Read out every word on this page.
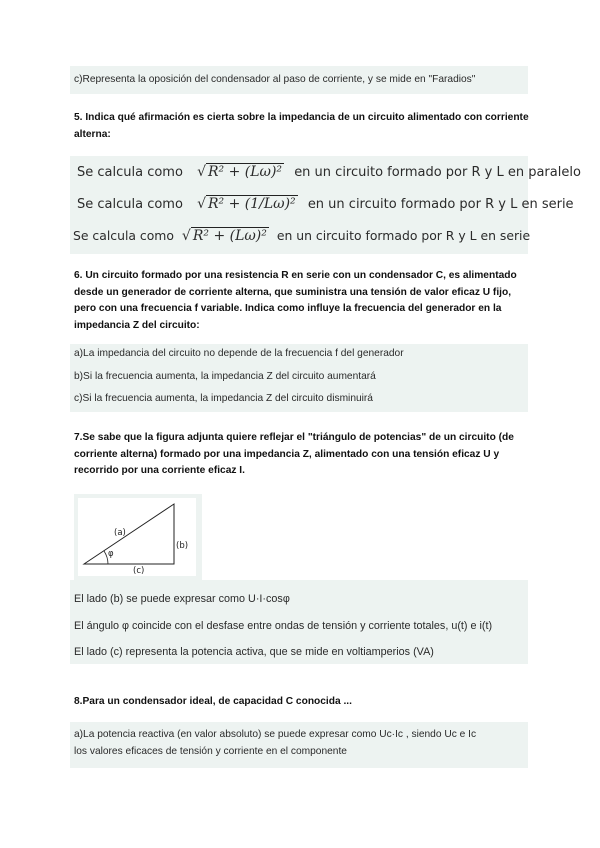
c)Representa la oposición del condensador al paso de corriente, y se mide en "Faradios"
5. Indica qué afirmación es cierta sobre la impedancia de un circuito alimentado con corriente alterna:
Se calcula como √ R² + (Lω)² en un circuito formado por R y L en paralelo
Se calcula como √ R² + (1/Lω)² en un circuito formado por R y L en serie
Se calcula como √ R² + (Lω)² en un circuito formado por R y L en serie
6. Un circuito formado por una resistencia R en serie con un condensador C, es alimentado desde un generador de corriente alterna, que suministra una tensión de valor eficaz U fijo, pero con una frecuencia f variable. Indica como influye la frecuencia del generador en la impedancia Z del circuito:
a)La impedancia del circuito no depende de la frecuencia f del generador
b)Si la frecuencia aumenta, la impedancia Z del circuito aumentará
c)Si la frecuencia aumenta, la impedancia Z del circuito disminuirá
7.Se sabe que la figura adjunta quiere reflejar el "triángulo de potencias" de un circuito (de corriente alterna) formado por una impedancia Z, alimentado con una tensión eficaz U y recorrido por una corriente eficaz I.
(a)
(b)
(c)
φ
El lado (b) se puede expresar como U·I·cosφ
El ángulo φ coincide con el desfase entre ondas de tensión y corriente totales, u(t) e i(t)
El lado (c) representa la potencia activa, que se mide en voltiamperios (VA)
8.Para un condensador ideal, de capacidad C conocida ...
a)La potencia reactiva (en valor absoluto) se puede expresar como Uc·Ic , siendo Uc e Ic
los valores eficaces de tensión y corriente en el componente
